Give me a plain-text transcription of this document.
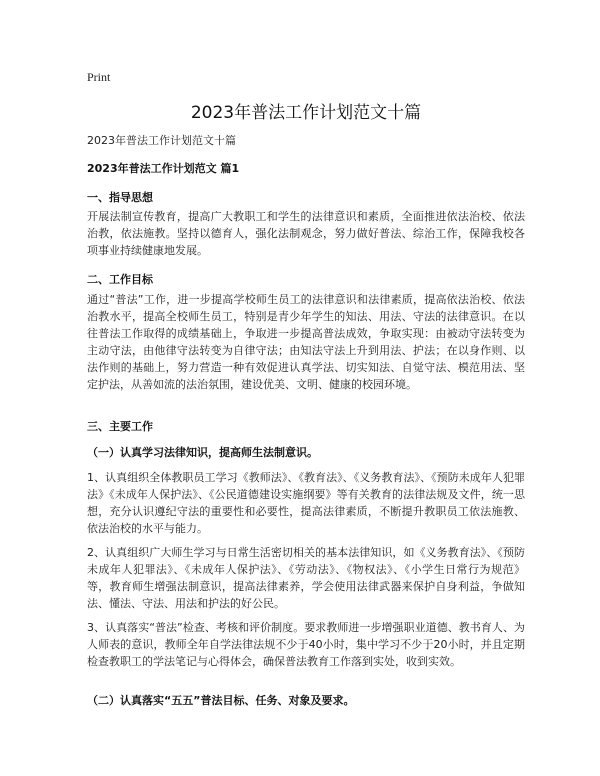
Print
2023年普法工作计划范文十篇
2023年普法工作计划范文十篇
2023年普法工作计划范文 篇1
一、指导思想

开展法制宣传教育，提高广大教职工和学生的法律意识和素质，全面推进依法治校、依法治教，依法施教。坚持以德育人，强化法制观念，努力做好普法、综治工作，保障我校各项事业持续健康地发展。

二、工作目标

通过“普法”工作，进一步提高学校师生员工的法律意识和法律素质，提高依法治校、依法治教水平，提高全校师生员工，特别是青少年学生的知法、用法、守法的法律意识。在以往普法工作取得的成绩基础上，争取进一步提高普法成效，争取实现：由被动守法转变为主动守法，由他律守法转变为自律守法；由知法守法上升到用法、护法；在以身作则、以法作则的基础上，努力营造一种有效促进认真学法、切实知法、自觉守法、模范用法、坚定护法，从善如流的法治氛围，建设优美、文明、健康的校园环境。

三、主要工作
（一）认真学习法律知识，提高师生法制意识。

1、认真组织全体教职员工学习《教师法》、《教育法》、《义务教育法》、《预防未成年人犯罪法》《未成年人保护法》、《公民道德建设实施纲要》等有关教育的法律法规及文件，统一思想，充分认识遵纪守法的重要性和必要性，提高法律素质，不断提升教职员工依法施教、依法治校的水平与能力。

2、认真组织广大师生学习与日常生活密切相关的基本法律知识，如《义务教育法》、《预防未成年人犯罪法》、《未成年人保护法》、《劳动法》、《物权法》、《小学生日常行为规范》等，教育师生增强法制意识，提高法律素养，学会使用法律武器来保护自身利益，争做知法、懂法、守法、用法和护法的好公民。

3、认真落实“普法”检查、考核和评价制度。要求教师进一步增强职业道德、教书育人、为人师表的意识，教师全年自学法律法规不少于40小时，集中学习不少于20小时，并且定期检查教职工的学法笔记与心得体会，确保普法教育工作落到实处，收到实效。

（二）认真落实“五五”普法目标、任务、对象及要求。
